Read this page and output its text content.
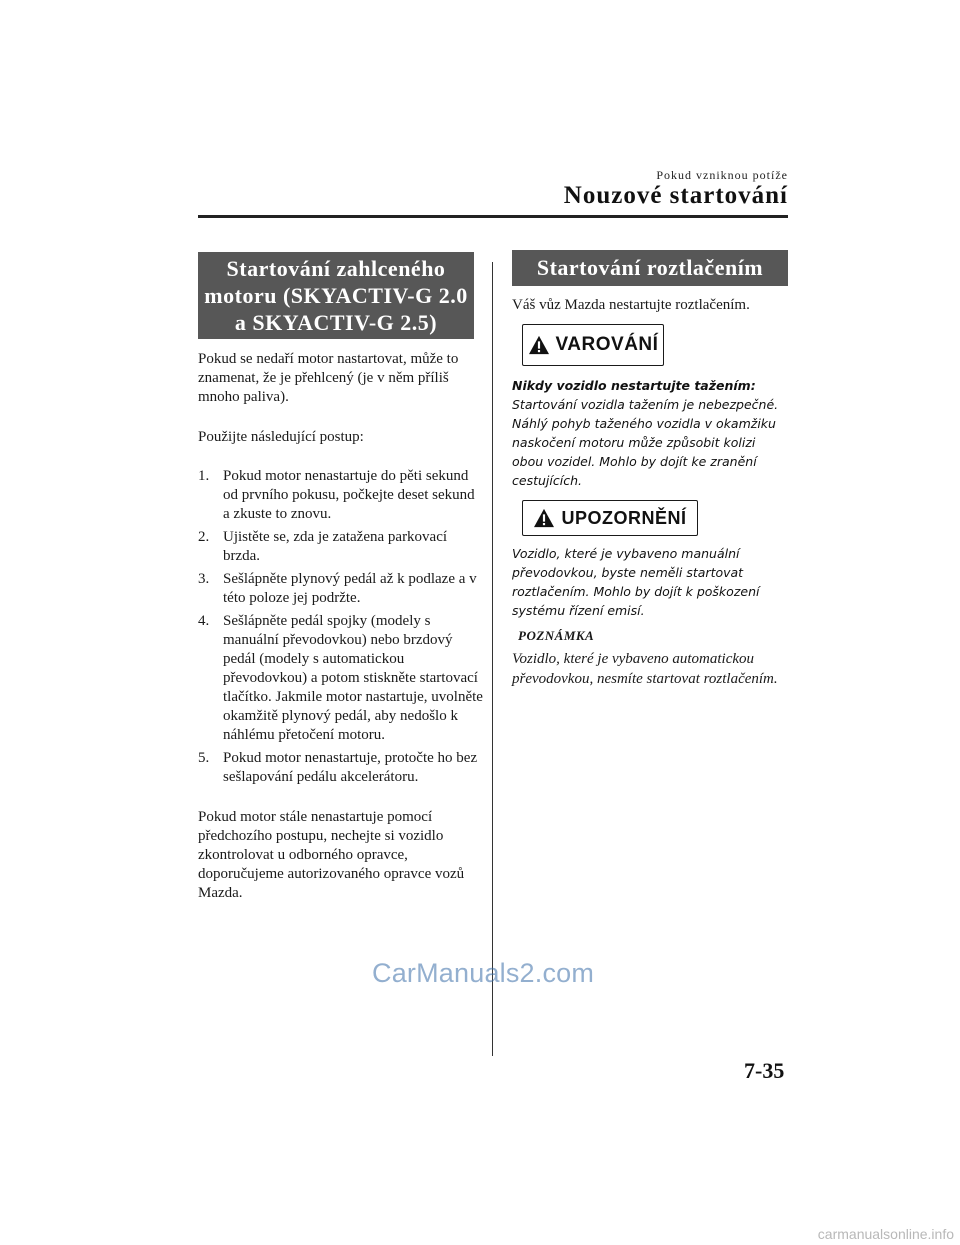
Pokud vzniknou potíže
Nouzové startování
Startování zahlceného
motoru (SKYACTIV-G 2.0
a SKYACTIV-G 2.5)
Pokud se nedaří motor nastartovat, může to znamenat, že je přehlcený (je v něm příliš mnoho paliva).
Použijte následující postup:
1. Pokud motor nenastartuje do pěti sekund od prvního pokusu, počkejte deset sekund a zkuste to znovu.
2. Ujistěte se, zda je zatažena parkovací brzda.
3. Sešlápněte plynový pedál až k podlaze a v této poloze jej podržte.
4. Sešlápněte pedál spojky (modely s manuální převodovkou) nebo brzdový pedál (modely s automatickou převodovkou) a potom stiskněte startovací tlačítko. Jakmile motor nastartuje, uvolněte okamžitě plynový pedál, aby nedošlo k náhlému přetočení motoru.
5. Pokud motor nenastartuje, protočte ho bez sešlapování pedálu akcelerátoru.
Pokud motor stále nenastartuje pomocí předchozího postupu, nechejte si vozidlo zkontrolovat u odborného opravce, doporučujeme autorizovaného opravce vozů Mazda.
Startování roztlačením
Váš vůz Mazda nestartujte roztlačením.
VAROVÁNÍ
Nikdy vozidlo nestartujte tažením:
Startování vozidla tažením je nebezpečné. Náhlý pohyb taženého vozidla v okamžiku naskočení motoru může způsobit kolizi obou vozidel. Mohlo by dojít ke zranění cestujících.
UPOZORNĚNÍ
Vozidlo, které je vybaveno manuální převodovkou, byste neměli startovat roztlačením. Mohlo by dojít k poškození systému řízení emisí.
POZNÁMKA
Vozidlo, které je vybaveno automatickou převodovkou, nesmíte startovat roztlačením.
CarManuals2.com
7-35
carmanualsonline.info
